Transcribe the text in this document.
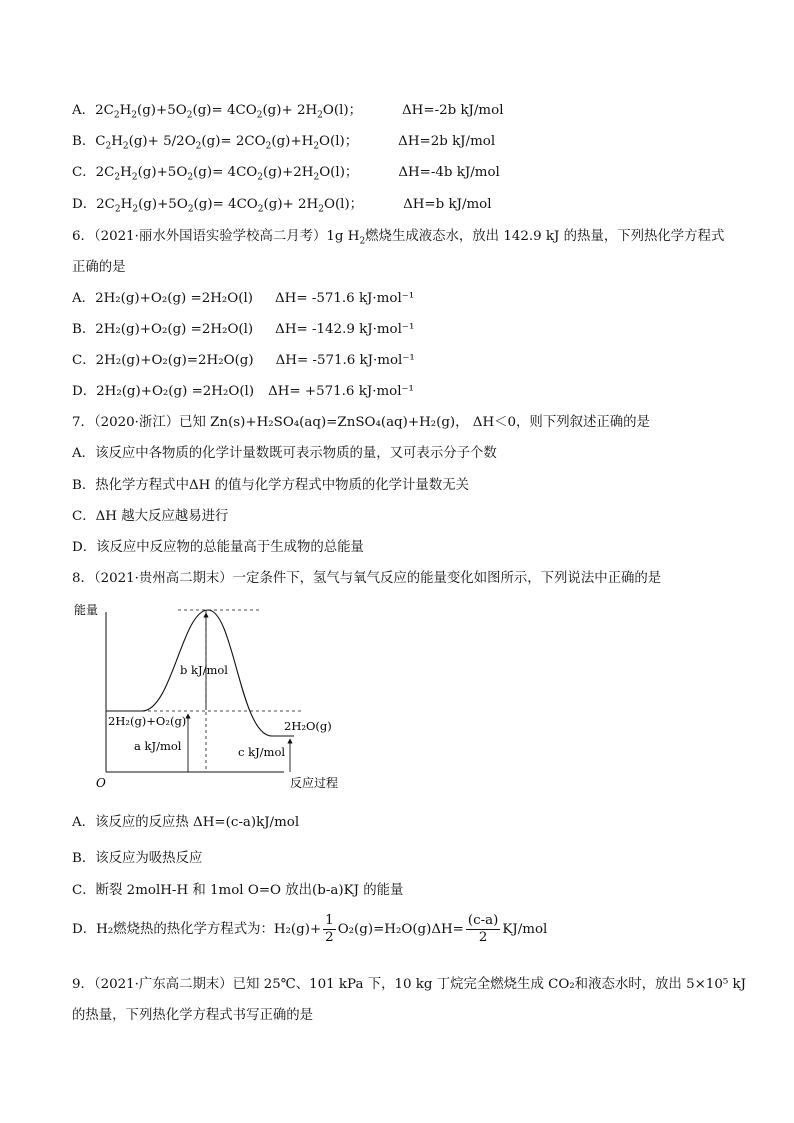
A．$2C_2H_2(g)+5O_2(g)= 4CO_2(g)+ 2H_2O(l)$；	ΔH=-2b kJ/mol
B．$C_2H_2(g)+ 5/2O_2(g)= 2CO_2(g)+H_2O(l)$；	ΔH=2b kJ/mol
C．$2C_2H_2(g)+5O_2(g)= 4CO_2(g)+2H_2O(l)$；	ΔH=-4b kJ/mol
D．$2C_2H_2(g)+5O_2(g)= 4CO_2(g)+ 2H_2O(l)$；	ΔH=b kJ/mol
6．（2021·丽水外国语实验学校高二月考）1g $H_2$燃烧生成液态水，放出 142.9 kJ 的热量，下列热化学方程式
正确的是
A．2H₂(g)+O₂(g) =2H₂O(l) ΔH= -571.6 kJ·mol⁻¹
B．2H₂(g)+O₂(g) =2H₂O(l) ΔH= -142.9 kJ·mol⁻¹
C．2H₂(g)+O₂(g)=2H₂O(g) ΔH= -571.6 kJ·mol⁻¹
D．2H₂(g)+O₂(g) =2H₂O(l) ΔH= +571.6 kJ·mol⁻¹
7．（2020·浙江）已知 Zn(s)+H₂SO₄(aq)=ZnSO₄(aq)+H₂(g)， ΔH＜0，则下列叙述正确的是
A．该反应中各物质的化学计量数既可表示物质的量，又可表示分子个数
B．热化学方程式中ΔH 的值与化学方程式中物质的化学计量数无关
C．ΔH 越大反应越易进行
D．该反应中反应物的总能量高于生成物的总能量
8．（2021·贵州高二期末）一定条件下，氢气与氧气反应的能量变化如图所示，下列说法中正确的是
能量
反应过程
O
b kJ/mol
2H₂(g)+O₂(g)	2H₂O(g)
a kJ/mol	c kJ/mol
A．该反应的反应热 ΔH=(c-a)kJ/mol
B．该反应为吸热反应
C．断裂 2molH-H 和 1mol O=O 放出(b-a)KJ 的能量
D．H₂燃烧热的热化学方程式为：$H_2(g)+ \frac{1}{2} O_2(g)=H_2O(g)\Delta H= \frac{(c-a)}{2} KJ/mol$
9．（2021·广东高二期末）已知 25℃、101 kPa 下，10 kg 丁烷完全燃烧生成 CO₂和液态水时，放出 5×10⁵ kJ
的热量，下列热化学方程式书写正确的是
